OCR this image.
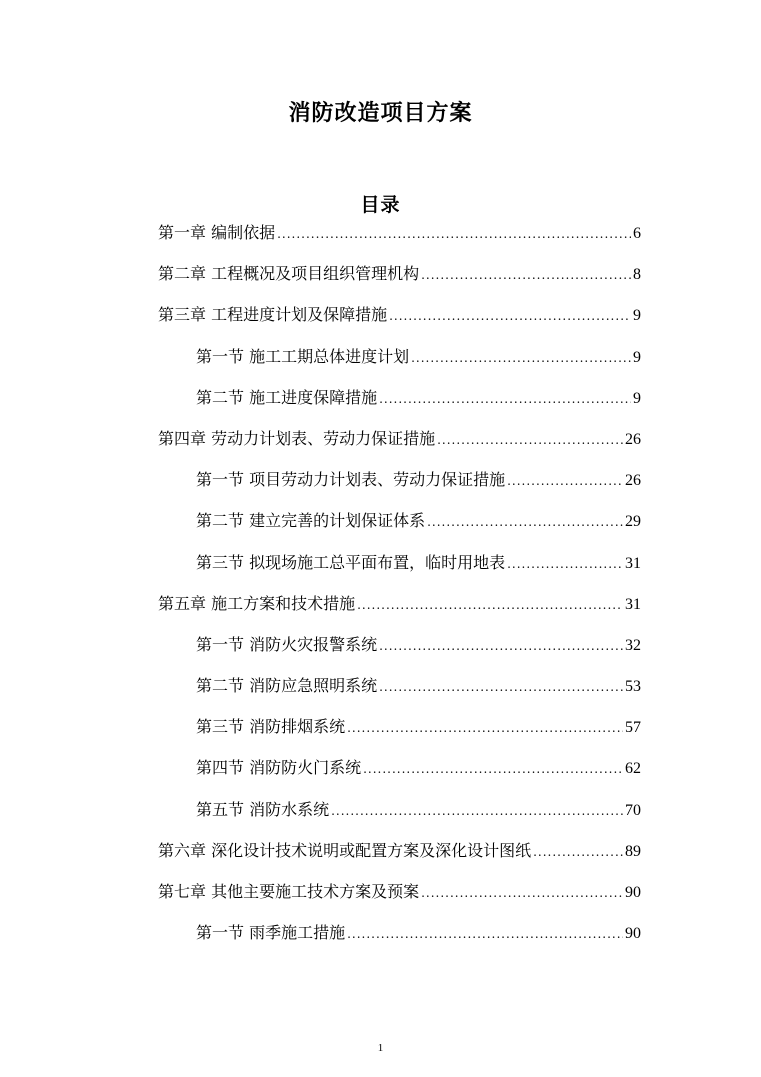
消防改造项目方案
目录
第一章 编制依据 .....	6
第二章 工程概况及项目组织管理机构 .....	8
第三章 工程进度计划及保障措施 .....	9
第一节 施工工期总体进度计划 .....	9
第二节 施工进度保障措施 .....	9
第四章 劳动力计划表、劳动力保证措施 .....	26
第一节 项目劳动力计划表、劳动力保证措施 .....	26
第二节 建立完善的计划保证体系 .....	29
第三节 拟现场施工总平面布置，临时用地表 .....	31
第五章 施工方案和技术措施 .....	31
第一节 消防火灾报警系统 .....	32
第二节 消防应急照明系统 .....	53
第三节 消防排烟系统 .....	57
第四节 消防防火门系统 .....	62
第五节 消防水系统 .....	70
第六章 深化设计技术说明或配置方案及深化设计图纸 .....	89
第七章 其他主要施工技术方案及预案 .....	90
第一节 雨季施工措施 .....	90
1
